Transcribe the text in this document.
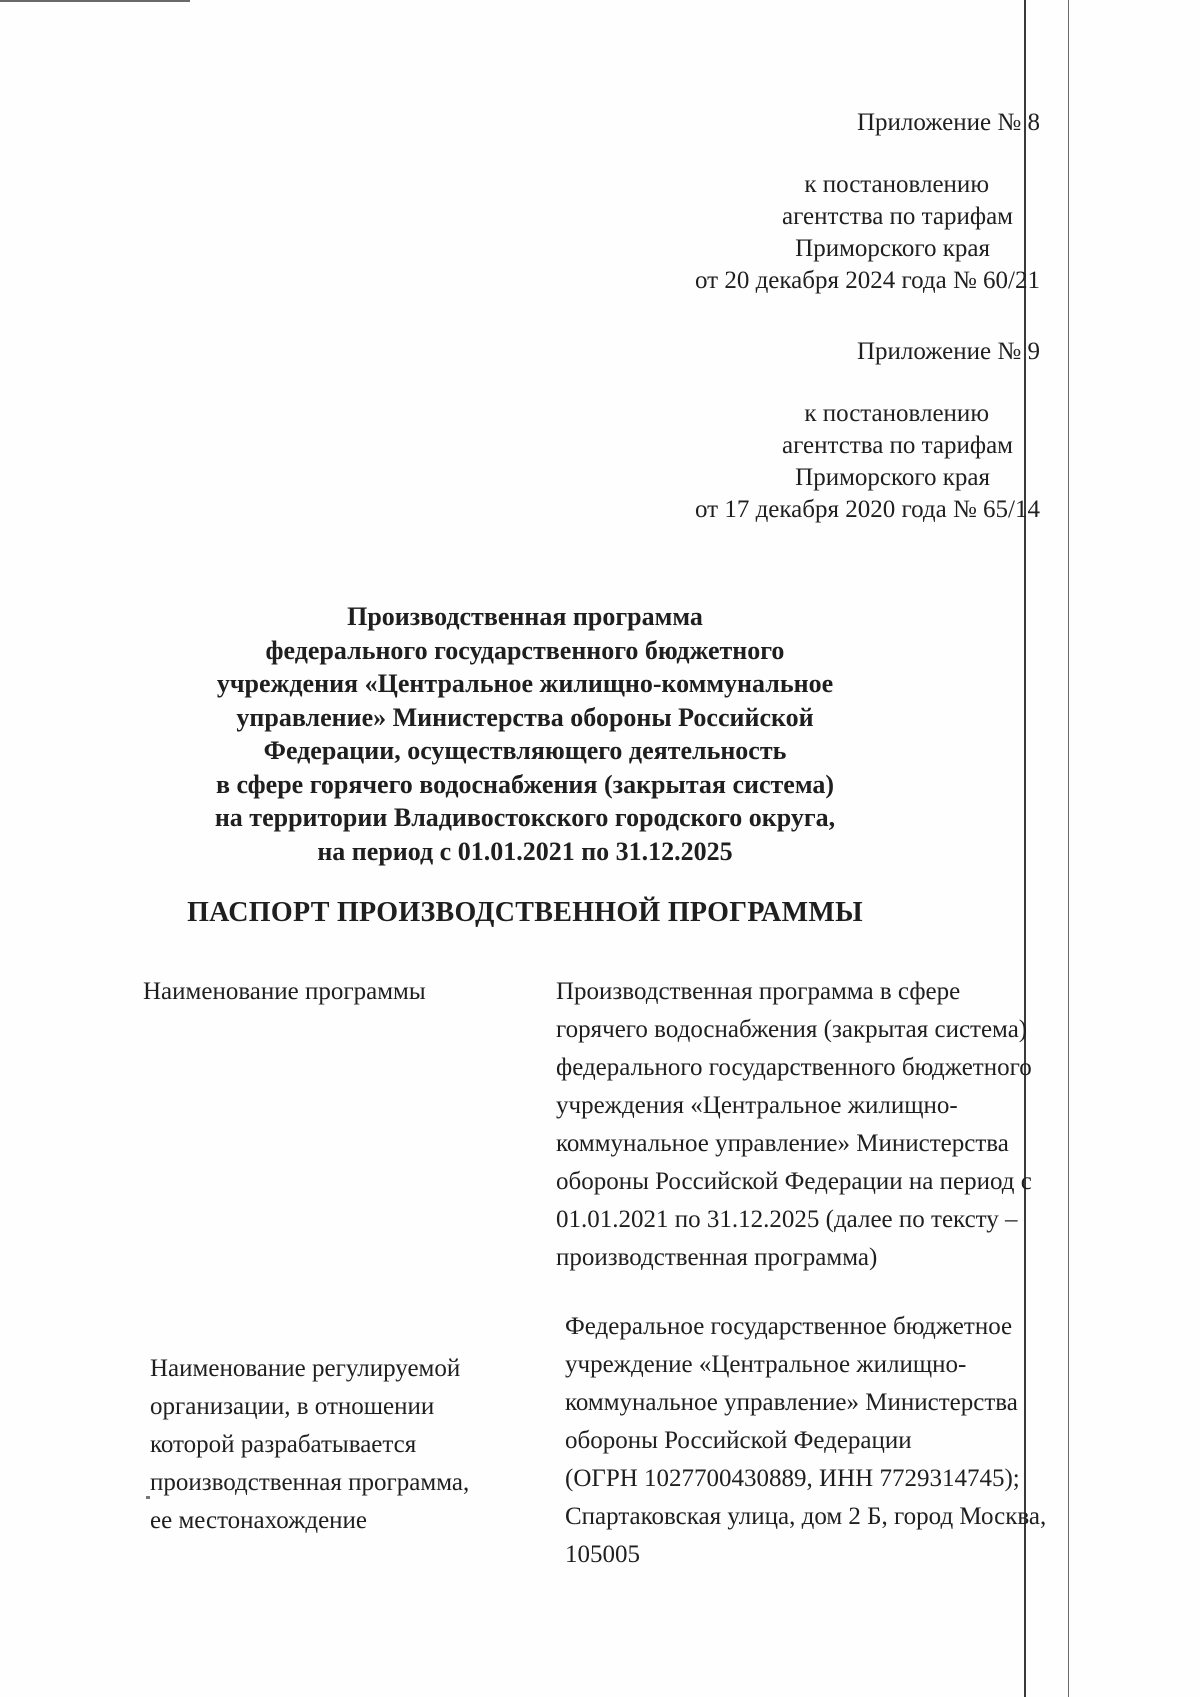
Приложение № 8
к постановлению
агентства по тарифам
Приморского края
от 20 декабря 2024 года № 60/21
Приложение № 9
к постановлению
агентства по тарифам
Приморского края
от 17 декабря 2020 года № 65/14
Производственная программа
федерального государственного бюджетного
учреждения «Центральное жилищно-коммунальное
управление» Министерства обороны Российской
Федерации, осуществляющего деятельность
в сфере горячего водоснабжения (закрытая система)
на территории Владивостокского городского округа,
на период с 01.01.2021 по 31.12.2025
ПАСПОРТ ПРОИЗВОДСТВЕННОЙ ПРОГРАММЫ
Наименование программы	Производственная программа в сфере
горячего водоснабжения (закрытая система)
федерального государственного бюджетного
учреждения «Центральное жилищно-
коммунальное управление» Министерства
обороны Российской Федерации на период с
01.01.2021 по 31.12.2025 (далее по тексту –
производственная программа)
Наименование регулируемой
организации, в отношении
которой разрабатывается
производственная программа,
ее местонахождение
Федеральное государственное бюджетное
учреждение «Центральное жилищно-
коммунальное управление» Министерства
обороны Российской Федерации
(ОГРН 1027700430889, ИНН 7729314745);
Спартаковская улица, дом 2 Б, город Москва,
105005
